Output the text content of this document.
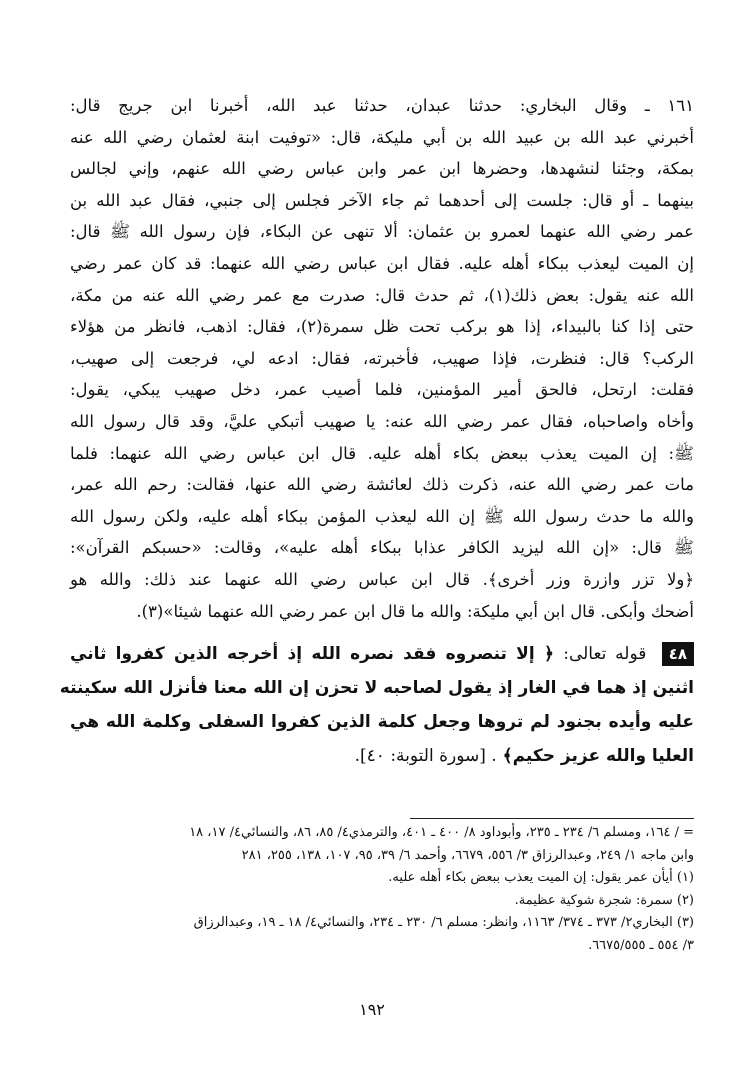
١٦١ ـ وقال البخاري: حدثنا عبدان، حدثنا عبد الله، أخبرنا ابن جريج قال:
أخبرني عبد الله بن عبيد الله بن أبي مليكة، قال: «توفيت ابنة لعثمان رضي الله عنه
بمكة، وجئنا لنشهدها، وحضرها ابن عمر وابن عباس رضي الله عنهم، وإني لجالس
بينهما ـ أو قال: جلست إلى أحدهما ثم جاء الآخر فجلس إلى جنبي، فقال عبد الله بن
عمر رضي الله عنهما لعمرو بن عثمان: ألا تنهى عن البكاء، فإن رسول الله ﷺ قال:
إن الميت ليعذب ببكاء أهله عليه. فقال ابن عباس رضي الله عنهما: قد كان عمر رضي
الله عنه يقول: بعض ذلك(١)، ثم حدث قال: صدرت مع عمر رضي الله عنه من مكة،
حتى إذا كنا بالبيداء، إذا هو بركب تحت ظل سمرة(٢)، فقال: اذهب، فانظر من هؤلاء
الركب؟ قال: فنظرت، فإذا صهيب، فأخبرته، فقال: ادعه لي، فرجعت إلى صهيب،
فقلت: ارتحل، فالحق أمير المؤمنين، فلما أصيب عمر، دخل صهيب يبكي، يقول:
وأخاه واصاحباه، فقال عمر رضي الله عنه: يا صهيب أتبكي عليَّ، وقد قال رسول الله
ﷺ: إن الميت يعذب ببعض بكاء أهله عليه. قال ابن عباس رضي الله عنهما: فلما
مات عمر رضي الله عنه، ذكرت ذلك لعائشة رضي الله عنها، فقالت: رحم الله عمر،
والله ما حدث رسول الله ﷺ إن الله ليعذب المؤمن ببكاء أهله عليه، ولكن رسول الله
ﷺ قال: «إن الله ليزيد الكافر عذابا ببكاء أهله عليه»، وقالت: «حسبكم القرآن»:
﴿ولا تزر وازرة وزر أخرى﴾. قال ابن عباس رضي الله عنهما عند ذلك: والله هو
أضحك وأبكى. قال ابن أبي مليكة: والله ما قال ابن عمر رضي الله عنهما شيئا»(٣).

٤٨ قوله تعالى: ﴿ إلا تنصروه فقد نصره الله إذ أخرجه الذين كفروا ثاني
اثنين إذ هما في الغار إذ يقول لصاحبه لا تحزن إن الله معنا فأنزل الله سكينته
عليه وأيده بجنود لم تروها وجعل كلمة الذين كفروا السفلى وكلمة الله هي
العليا والله عزيز حكيم﴾ . [سورة التوبة: ٤٠].
= / ١٦٤، ومسلم ٦/ ٢٣٤ ـ ٢٣٥، وأبوداود ٨/ ٤٠٠ ـ ٤٠١، والترمذي٤/ ٨٥، ٨٦، والنسائي٤/ ١٧، ١٨
وابن ماجه ١/ ٢٤٩، وعبدالرزاق ٣/ ٥٥٦، ٦٦٧٩، وأحمد ٦/ ٣٩، ٩٥، ١٠٧، ١٣٨، ٢٥٥، ٢٨١
(١) أيأن عمر يقول: إن الميت يعذب ببعض بكاء أهله عليه.
(٢) سمرة: شجرة شوكية عظيمة.
(٣) البخاري٢/ ٣٧٣ ـ ٣٧٤/ ١١٦٣، وانظر: مسلم ٦/ ٢٣٠ ـ ٢٣٤، والنسائي٤/ ١٨ ـ ١٩، وعبدالرزاق
٣/ ٥٥٤ ـ ٦٦٧٥/٥٥٥.
١٩٢
